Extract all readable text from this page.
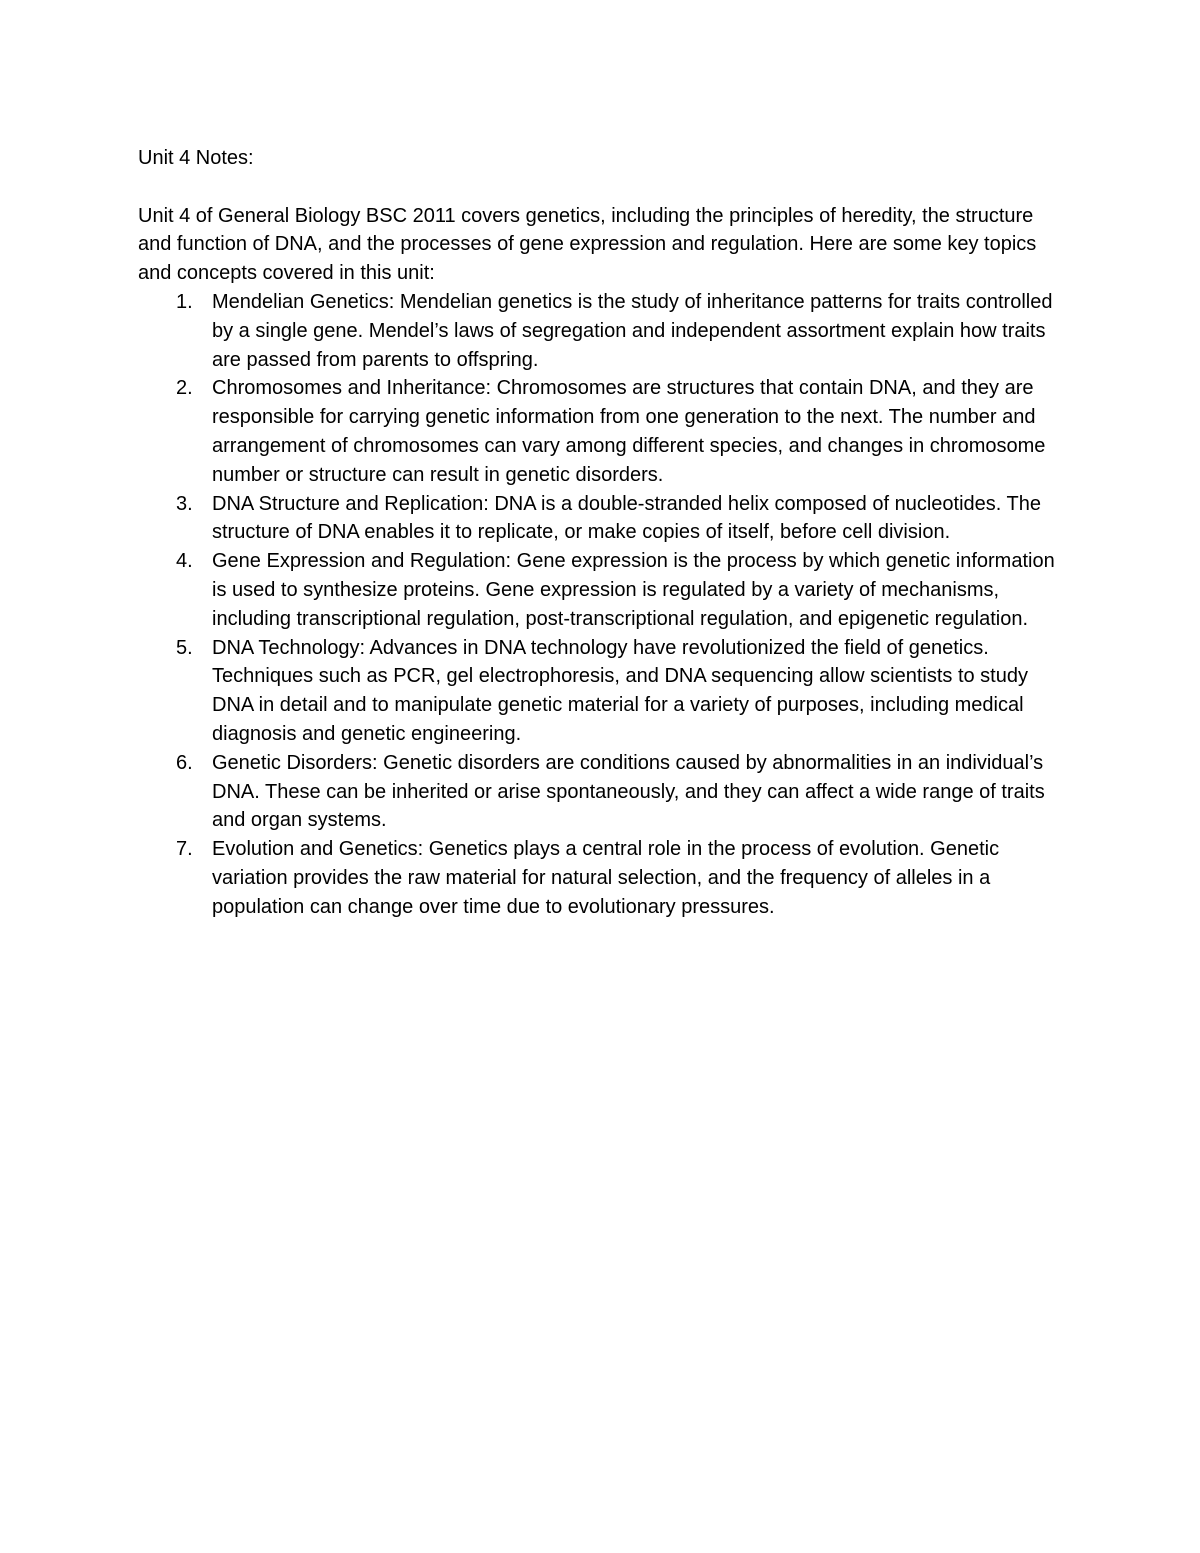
Unit 4 Notes:

Unit 4 of General Biology BSC 2011 covers genetics, including the principles of heredity, the structure and function of DNA, and the processes of gene expression and regulation. Here are some key topics and concepts covered in this unit:

1. Mendelian Genetics: Mendelian genetics is the study of inheritance patterns for traits controlled by a single gene. Mendel’s laws of segregation and independent assortment explain how traits are passed from parents to offspring.
2. Chromosomes and Inheritance: Chromosomes are structures that contain DNA, and they are responsible for carrying genetic information from one generation to the next. The number and arrangement of chromosomes can vary among different species, and changes in chromosome number or structure can result in genetic disorders.
3. DNA Structure and Replication: DNA is a double-stranded helix composed of nucleotides. The structure of DNA enables it to replicate, or make copies of itself, before cell division.
4. Gene Expression and Regulation: Gene expression is the process by which genetic information is used to synthesize proteins. Gene expression is regulated by a variety of mechanisms, including transcriptional regulation, post-transcriptional regulation, and epigenetic regulation.
5. DNA Technology: Advances in DNA technology have revolutionized the field of genetics. Techniques such as PCR, gel electrophoresis, and DNA sequencing allow scientists to study DNA in detail and to manipulate genetic material for a variety of purposes, including medical diagnosis and genetic engineering.
6. Genetic Disorders: Genetic disorders are conditions caused by abnormalities in an individual’s DNA. These can be inherited or arise spontaneously, and they can affect a wide range of traits and organ systems.
7. Evolution and Genetics: Genetics plays a central role in the process of evolution. Genetic variation provides the raw material for natural selection, and the frequency of alleles in a population can change over time due to evolutionary pressures.
